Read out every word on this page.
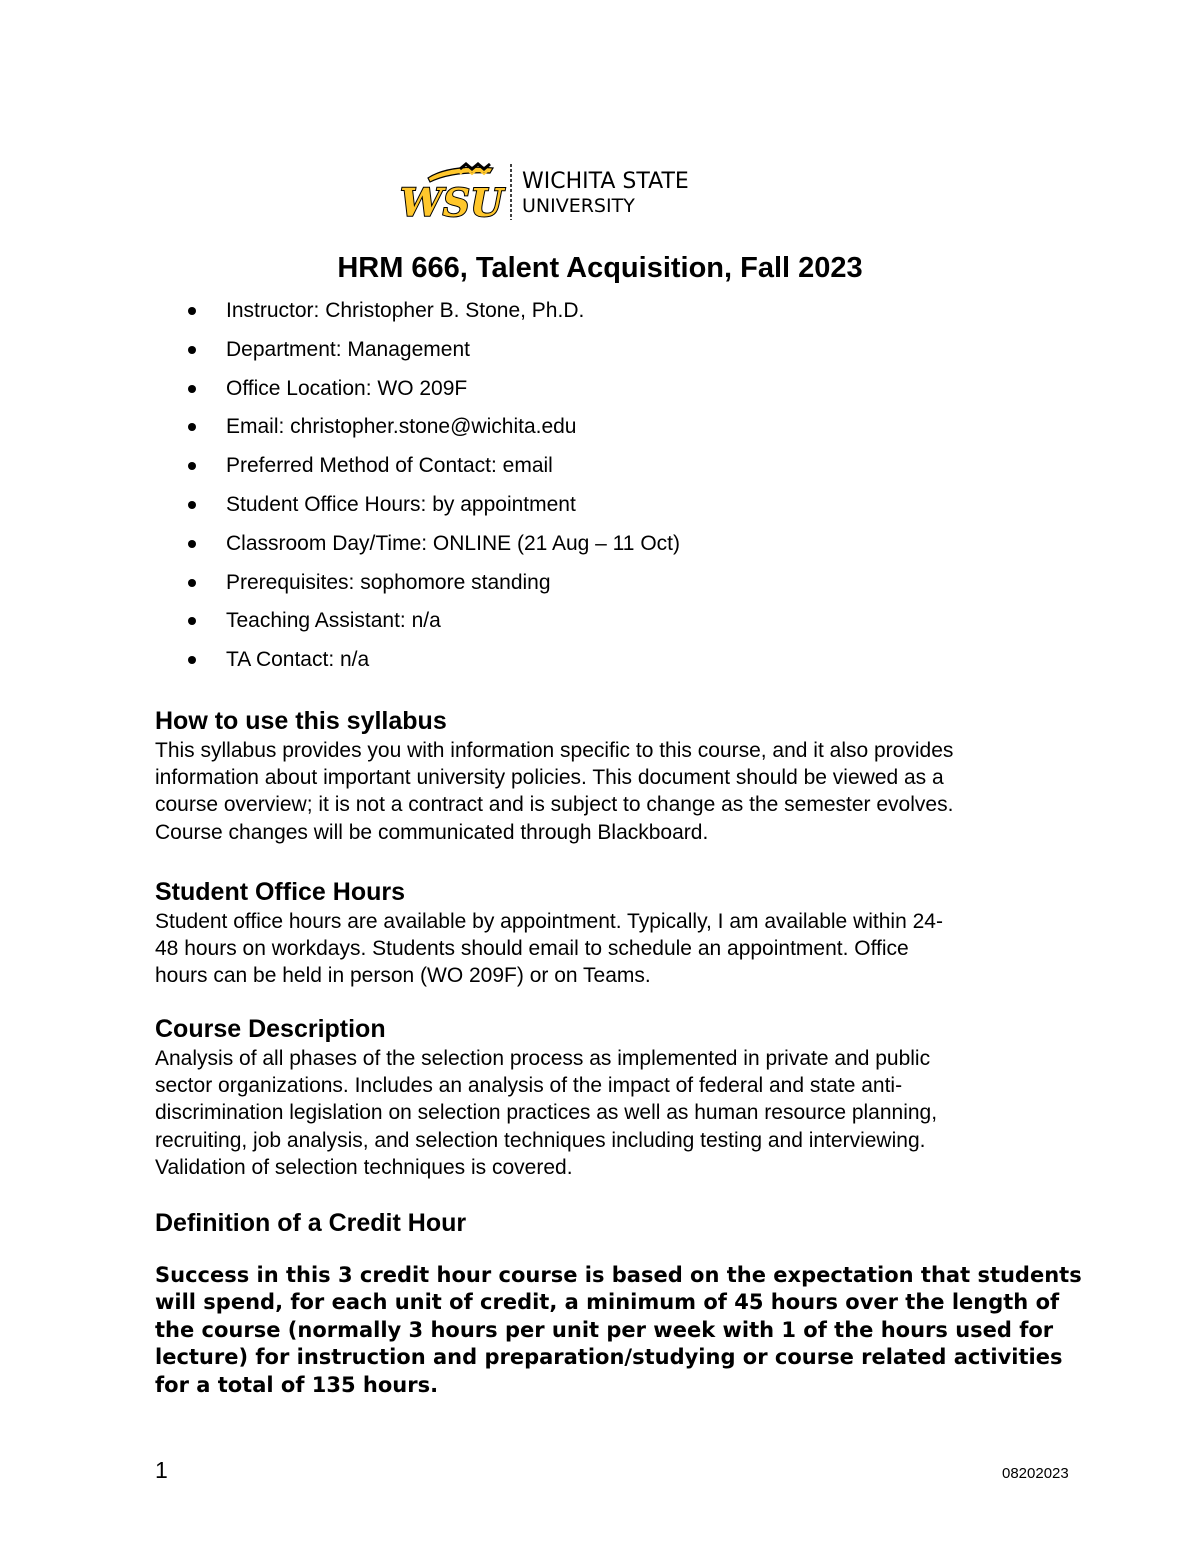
WSU WICHITA STATE
UNIVERSITY
HRM 666, Talent Acquisition, Fall 2023
Instructor: Christopher B. Stone, Ph.D.
Department: Management
Office Location: WO 209F
Email: christopher.stone@wichita.edu
Preferred Method of Contact: email
Student Office Hours: by appointment
Classroom Day/Time: ONLINE (21 Aug – 11 Oct)
Prerequisites: sophomore standing
Teaching Assistant: n/a
TA Contact: n/a
How to use this syllabus
This syllabus provides you with information specific to this course, and it also provides
information about important university policies. This document should be viewed as a
course overview; it is not a contract and is subject to change as the semester evolves.
Course changes will be communicated through Blackboard.
Student Office Hours
Student office hours are available by appointment. Typically, I am available within 24-
48 hours on workdays. Students should email to schedule an appointment. Office
hours can be held in person (WO 209F) or on Teams.
Course Description
Analysis of all phases of the selection process as implemented in private and public
sector organizations. Includes an analysis of the impact of federal and state anti-
discrimination legislation on selection practices as well as human resource planning,
recruiting, job analysis, and selection techniques including testing and interviewing.
Validation of selection techniques is covered.
Definition of a Credit Hour
Success in this 3 credit hour course is based on the expectation that students
will spend, for each unit of credit, a minimum of 45 hours over the length of
the course (normally 3 hours per unit per week with 1 of the hours used for
lecture) for instruction and preparation/studying or course related activities
for a total of 135 hours.
1	08202023
